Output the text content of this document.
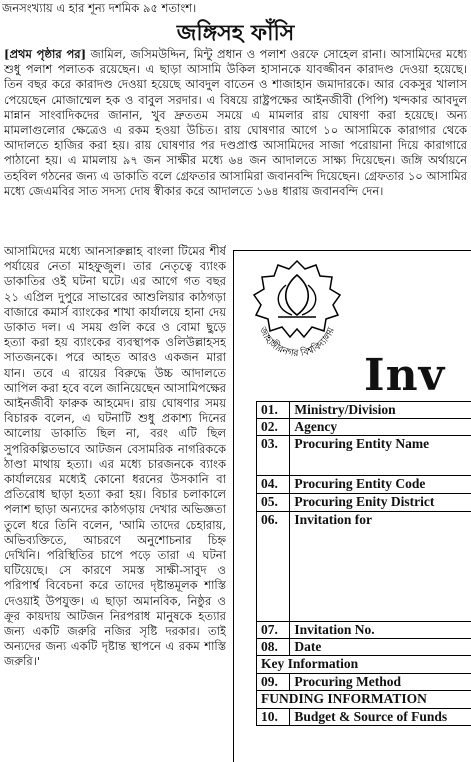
জনসংখ্যায় এ হার শূন্য দশমিক ৯৫ শতাংশ।
জঙ্গিসহ ফাঁসি
[প্রথম পৃষ্ঠার পর] জামিল, জসিমউদ্দিন, মিন্টু প্রধান ও পলাশ ওরফে সোহেল রানা। আসামিদের মধ্যে শুধু পলাশ পলাতক রয়েছেন। এ ছাড়া আসামি উকিল হাসানকে যাবজ্জীবন কারাদণ্ড দেওয়া হয়েছে। তিন বছর করে কারাদণ্ড দেওয়া হয়েছে আবদুল বাতেন ও শাজাহান জমাদারকে। আর বেকসুর খালাস পেয়েছেন মোজাম্মেল হক ও বাবুল সরদার। এ বিষয়ে রাষ্ট্রপক্ষের আইনজীবী (পিপি) খন্দকার আবদুল মান্নান সাংবাদিকদের জানান, খুব দ্রুততম সময়ে এ মামলার রায় ঘোষণা করা হয়েছে। অন্য মামলাগুলোর ক্ষেত্রেও এ রকম হওয়া উচিত। রায় ঘোষণার আগে ১০ আসামিকে কারাগার থেকে আদালতে হাজির করা হয়। রায় ঘোষণার পর দণ্ডপ্রাপ্ত আসামিদের সাজা পরোয়ানা দিয়ে কারাগারে পাঠানো হয়। এ মামলায় ৯৭ জন সাক্ষীর মধ্যে ৬৪ জন আদালতে সাক্ষ্য দিয়েছেন। জঙ্গি অর্থায়নে তহবিল গঠনের জন্য এ ডাকাতি বলে গ্রেফতার আসামিরা জবানবন্দি দিয়েছেন। গ্রেফতার ১০ আসামির মধ্যে জেএমবির সাত সদস্য দোষ স্বীকার করে আদালতে ১৬৪ ধারায় জবানবন্দি দেন।
আসামিদের মধ্যে আনসারুল্লাহ বাংলা টিমের শীর্ষ পর্যায়ের নেতা মাহফুজুল। তার নেতৃত্বে ব্যাংক ডাকাতির ওই ঘটনা ঘটে। এর আগে গত বছর ২১ এপ্রিল দুপুরে সাভারের আশুলিয়ার কাঠগড়া বাজারে কমার্স ব্যাংকের শাখা কার্যালয়ে হানা দেয় ডাকাত দল। এ সময় গুলি করে ও বোমা ছুড়ে হত্যা করা হয় ব্যাংকের ব্যবস্থাপক ওলিউল্লাহসহ সাতজনকে। পরে আহত আরও একজন মারা যান। তবে এ রায়ের বিরুদ্ধে উচ্চ আদালতে আপিল করা হবে বলে জানিয়েছেন আসামিপক্ষের আইনজীবী ফারুক আহমেদ। রায় ঘোষণার সময় বিচারক বলেন, এ ঘটনাটি শুধু প্রকাশ্য দিনের আলোয় ডাকাতি ছিল না, বরং এটি ছিল সুপরিকল্পিতভাবে আটজন বেসামরিক নাগরিককে ঠাণ্ডা মাথায় হত্যা। এর মধ্যে চারজনকে ব্যাংক কার্যালয়ের মধ্যেই কোনো ধরনের উসকানি বা প্রতিরোধ ছাড়া হত্যা করা হয়। বিচার চলাকালে পলাশ ছাড়া অন্যদের কাঠগড়ায় দেখার অভিজ্ঞতা তুলে ধরে তিনি বলেন, 'আমি তাদের চেহারায়, অভিব্যক্তিতে, আচরণে অনুশোচনার চিহ্ন দেখিনি। পরিস্থিতির চাপে পড়ে তারা এ ঘটনা ঘটিয়েছে। সে কারণে সমস্ত সাক্ষী-সাবুদ ও পরিপার্শ্ব বিবেচনা করে তাদের দৃষ্টান্তমূলক শাস্তি দেওয়াই উপযুক্ত। এ ছাড়া অমানবিক, নিষ্ঠুর ও ক্রূর কায়দায় আটজন নিরপরাধ মানুষকে হত্যার জন্য একটি জরুরি নজির সৃষ্টি দরকার। তাই অন্যদের জন্য একটি দৃষ্টান্ত স্থাপনে এ রকম শাস্তি জরুরি।'
জাহাঙ্গীরনগর বিশ্ববিদ্যালয়
Inv
01.	Ministry/Division
02.	Agency
03.	Procuring Entity Name
04.	Procuring Entity Code
05.	Procuring Enity District
06.	Invitation for
07.	Invitation No.
08.	Date
Key Information	
09.	Procuring Method
FUNDING INFORMATION	
10.	Budget & Source of Funds
